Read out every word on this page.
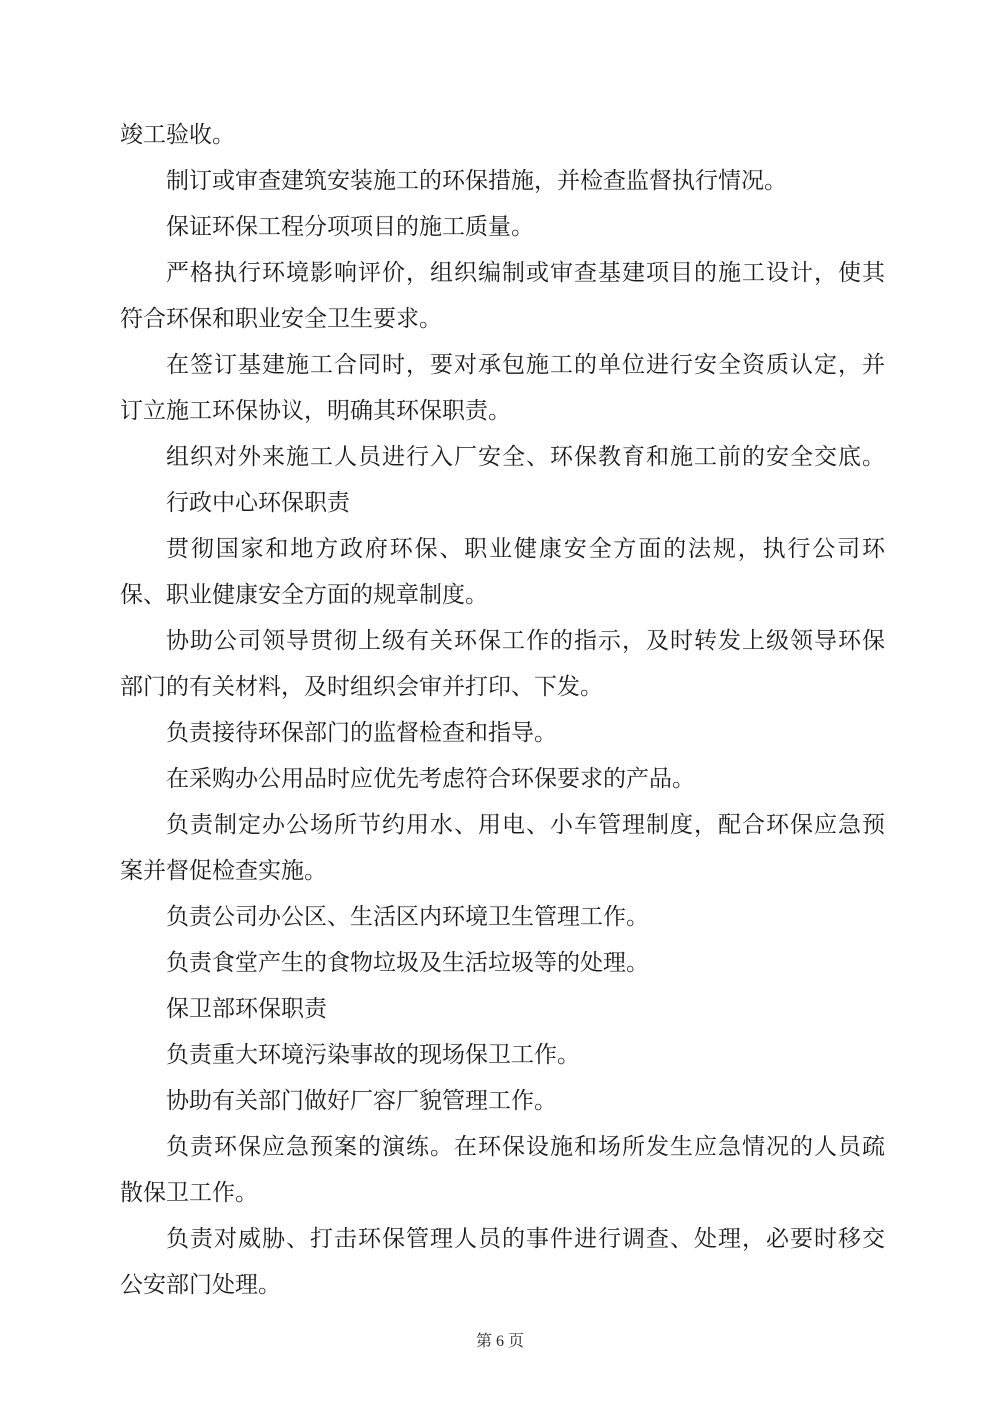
竣工验收。
制订或审查建筑安装施工的环保措施，并检查监督执行情况。
保证环保工程分项项目的施工质量。
严格执行环境影响评价，组织编制或审查基建项目的施工设计，使其
符合环保和职业安全卫生要求。
在签订基建施工合同时，要对承包施工的单位进行安全资质认定，并
订立施工环保协议，明确其环保职责。
组织对外来施工人员进行入厂安全、环保教育和施工前的安全交底。
行政中心环保职责
贯彻国家和地方政府环保、职业健康安全方面的法规，执行公司环
保、职业健康安全方面的规章制度。
协助公司领导贯彻上级有关环保工作的指示，及时转发上级领导环保
部门的有关材料，及时组织会审并打印、下发。
负责接待环保部门的监督检查和指导。
在采购办公用品时应优先考虑符合环保要求的产品。
负责制定办公场所节约用水、用电、小车管理制度，配合环保应急预
案并督促检查实施。
负责公司办公区、生活区内环境卫生管理工作。
负责食堂产生的食物垃圾及生活垃圾等的处理。
保卫部环保职责
负责重大环境污染事故的现场保卫工作。
协助有关部门做好厂容厂貌管理工作。
负责环保应急预案的演练。在环保设施和场所发生应急情况的人员疏
散保卫工作。
负责对威胁、打击环保管理人员的事件进行调查、处理，必要时移交
公安部门处理。
第 6 页
